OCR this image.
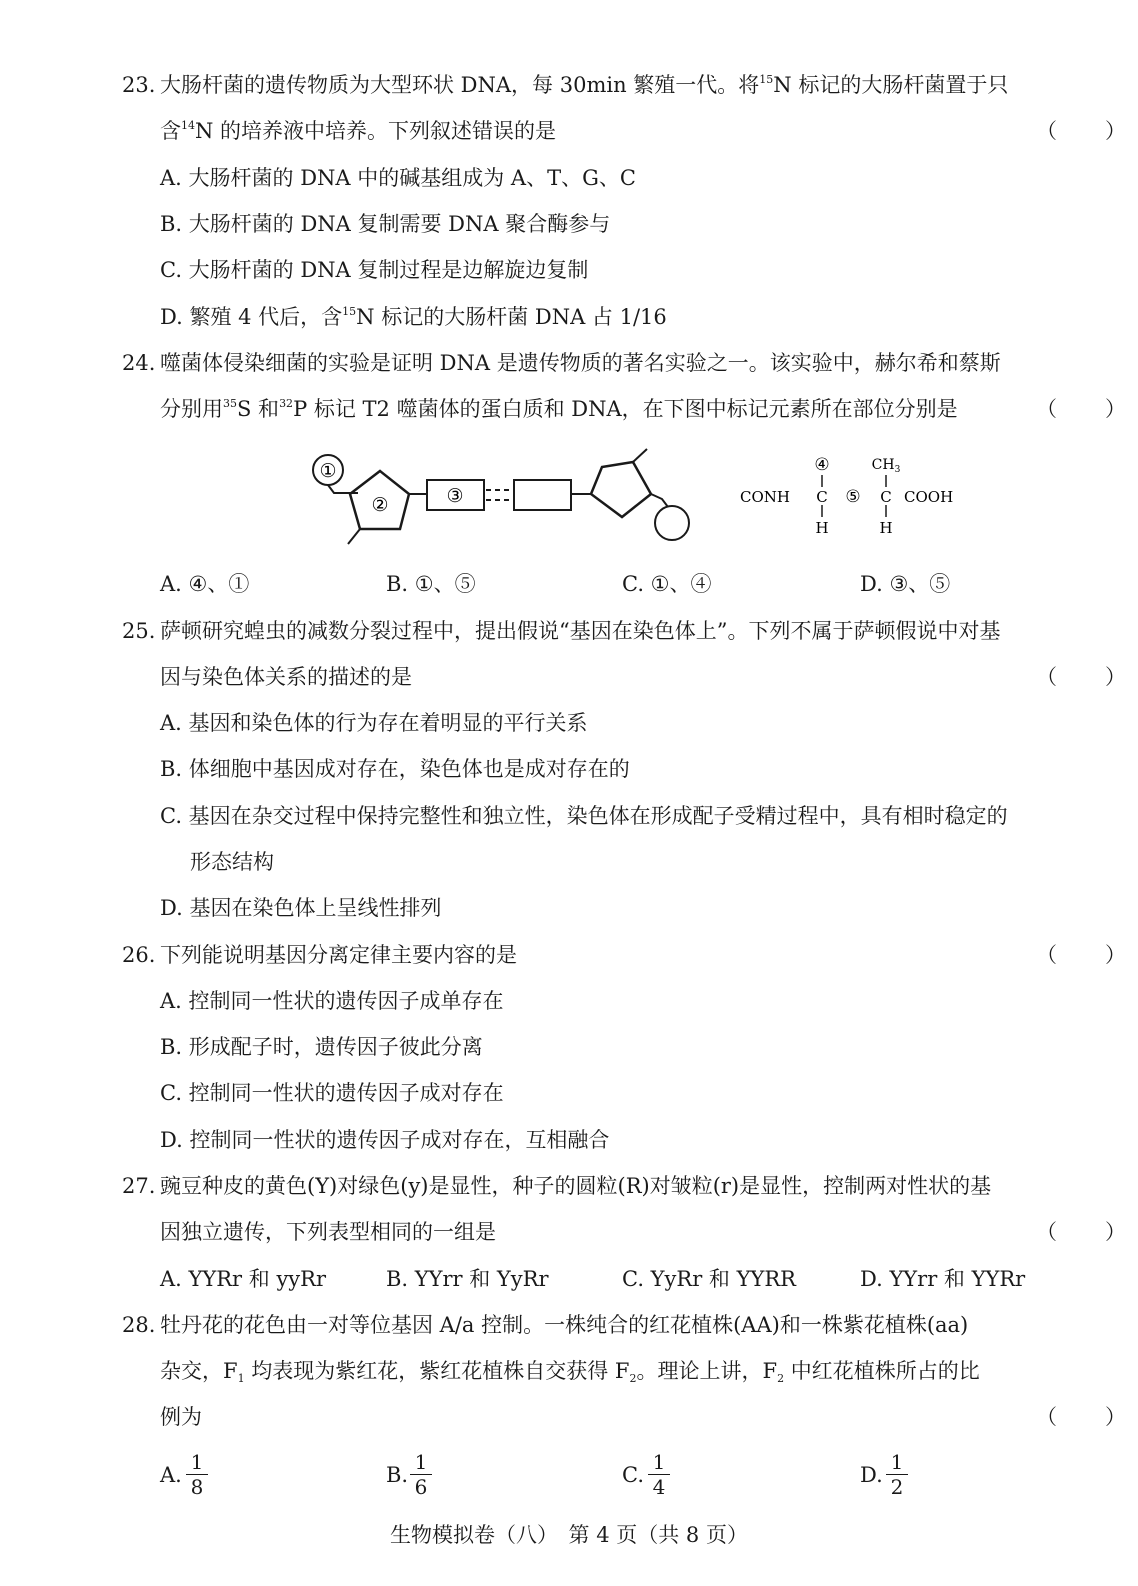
23. 大肠杆菌的遗传物质为大型环状 DNA，每 30min 繁殖一代。将$^{15}$N 标记的大肠杆菌置于只
含$^{14}$N 的培养液中培养。下列叙述错误的是	（　　）
A. 大肠杆菌的 DNA 中的碱基组成为 A、T、G、C
B. 大肠杆菌的 DNA 复制需要 DNA 聚合酶参与
C. 大肠杆菌的 DNA 复制过程是边解旋边复制
D. 繁殖 4 代后，含$^{15}$N 标记的大肠杆菌 DNA 占 1/16
24. 噬菌体侵染细菌的实验是证明 DNA 是遗传物质的著名实验之一。该实验中，赫尔希和蔡斯
分别用$^{35}$S 和$^{32}$P 标记 T2 噬菌体的蛋白质和 DNA，在下图中标记元素所在部位分别是	（　　）
①
②	③	CONH
④
C
H
⑤
$CH_3$
C
H
COOH
A. ④、①	B. ①、⑤	C. ①、④	D. ③、⑤
25. 萨顿研究蝗虫的减数分裂过程中，提出假说“基因在染色体上”。下列不属于萨顿假说中对基
因与染色体关系的描述的是	（　　）
A. 基因和染色体的行为存在着明显的平行关系
B. 体细胞中基因成对存在，染色体也是成对存在的
C. 基因在杂交过程中保持完整性和独立性，染色体在形成配子受精过程中，具有相时稳定的
形态结构
D. 基因在染色体上呈线性排列
26. 下列能说明基因分离定律主要内容的是	（　　）
A. 控制同一性状的遗传因子成单存在
B. 形成配子时，遗传因子彼此分离
C. 控制同一性状的遗传因子成对存在
D. 控制同一性状的遗传因子成对存在，互相融合
27. 豌豆种皮的黄色(Y)对绿色(y)是显性，种子的圆粒(R)对皱粒(r)是显性，控制两对性状的基
因独立遗传，下列表型相同的一组是	（　　）
A. YYRr 和 yyRr	B. YYrr 和 YyRr	C. YyRr 和 YYRR	D. YYrr 和 YYRr
28. 牡丹花的花色由一对等位基因 A/a 控制。一株纯合的红花植株(AA)和一株紫花植株(aa)
杂交，$F_1$ 均表现为紫红花，紫红花植株自交获得 $F_2$。理论上讲，$F_2$ 中红花植株所占的比
例为	（　　）
A. $\frac{1}{8}$	B. $\frac{1}{6}$	C. $\frac{1}{4}$	D. $\frac{1}{2}$
生物模拟卷（八）　第 4 页（共 8 页）
